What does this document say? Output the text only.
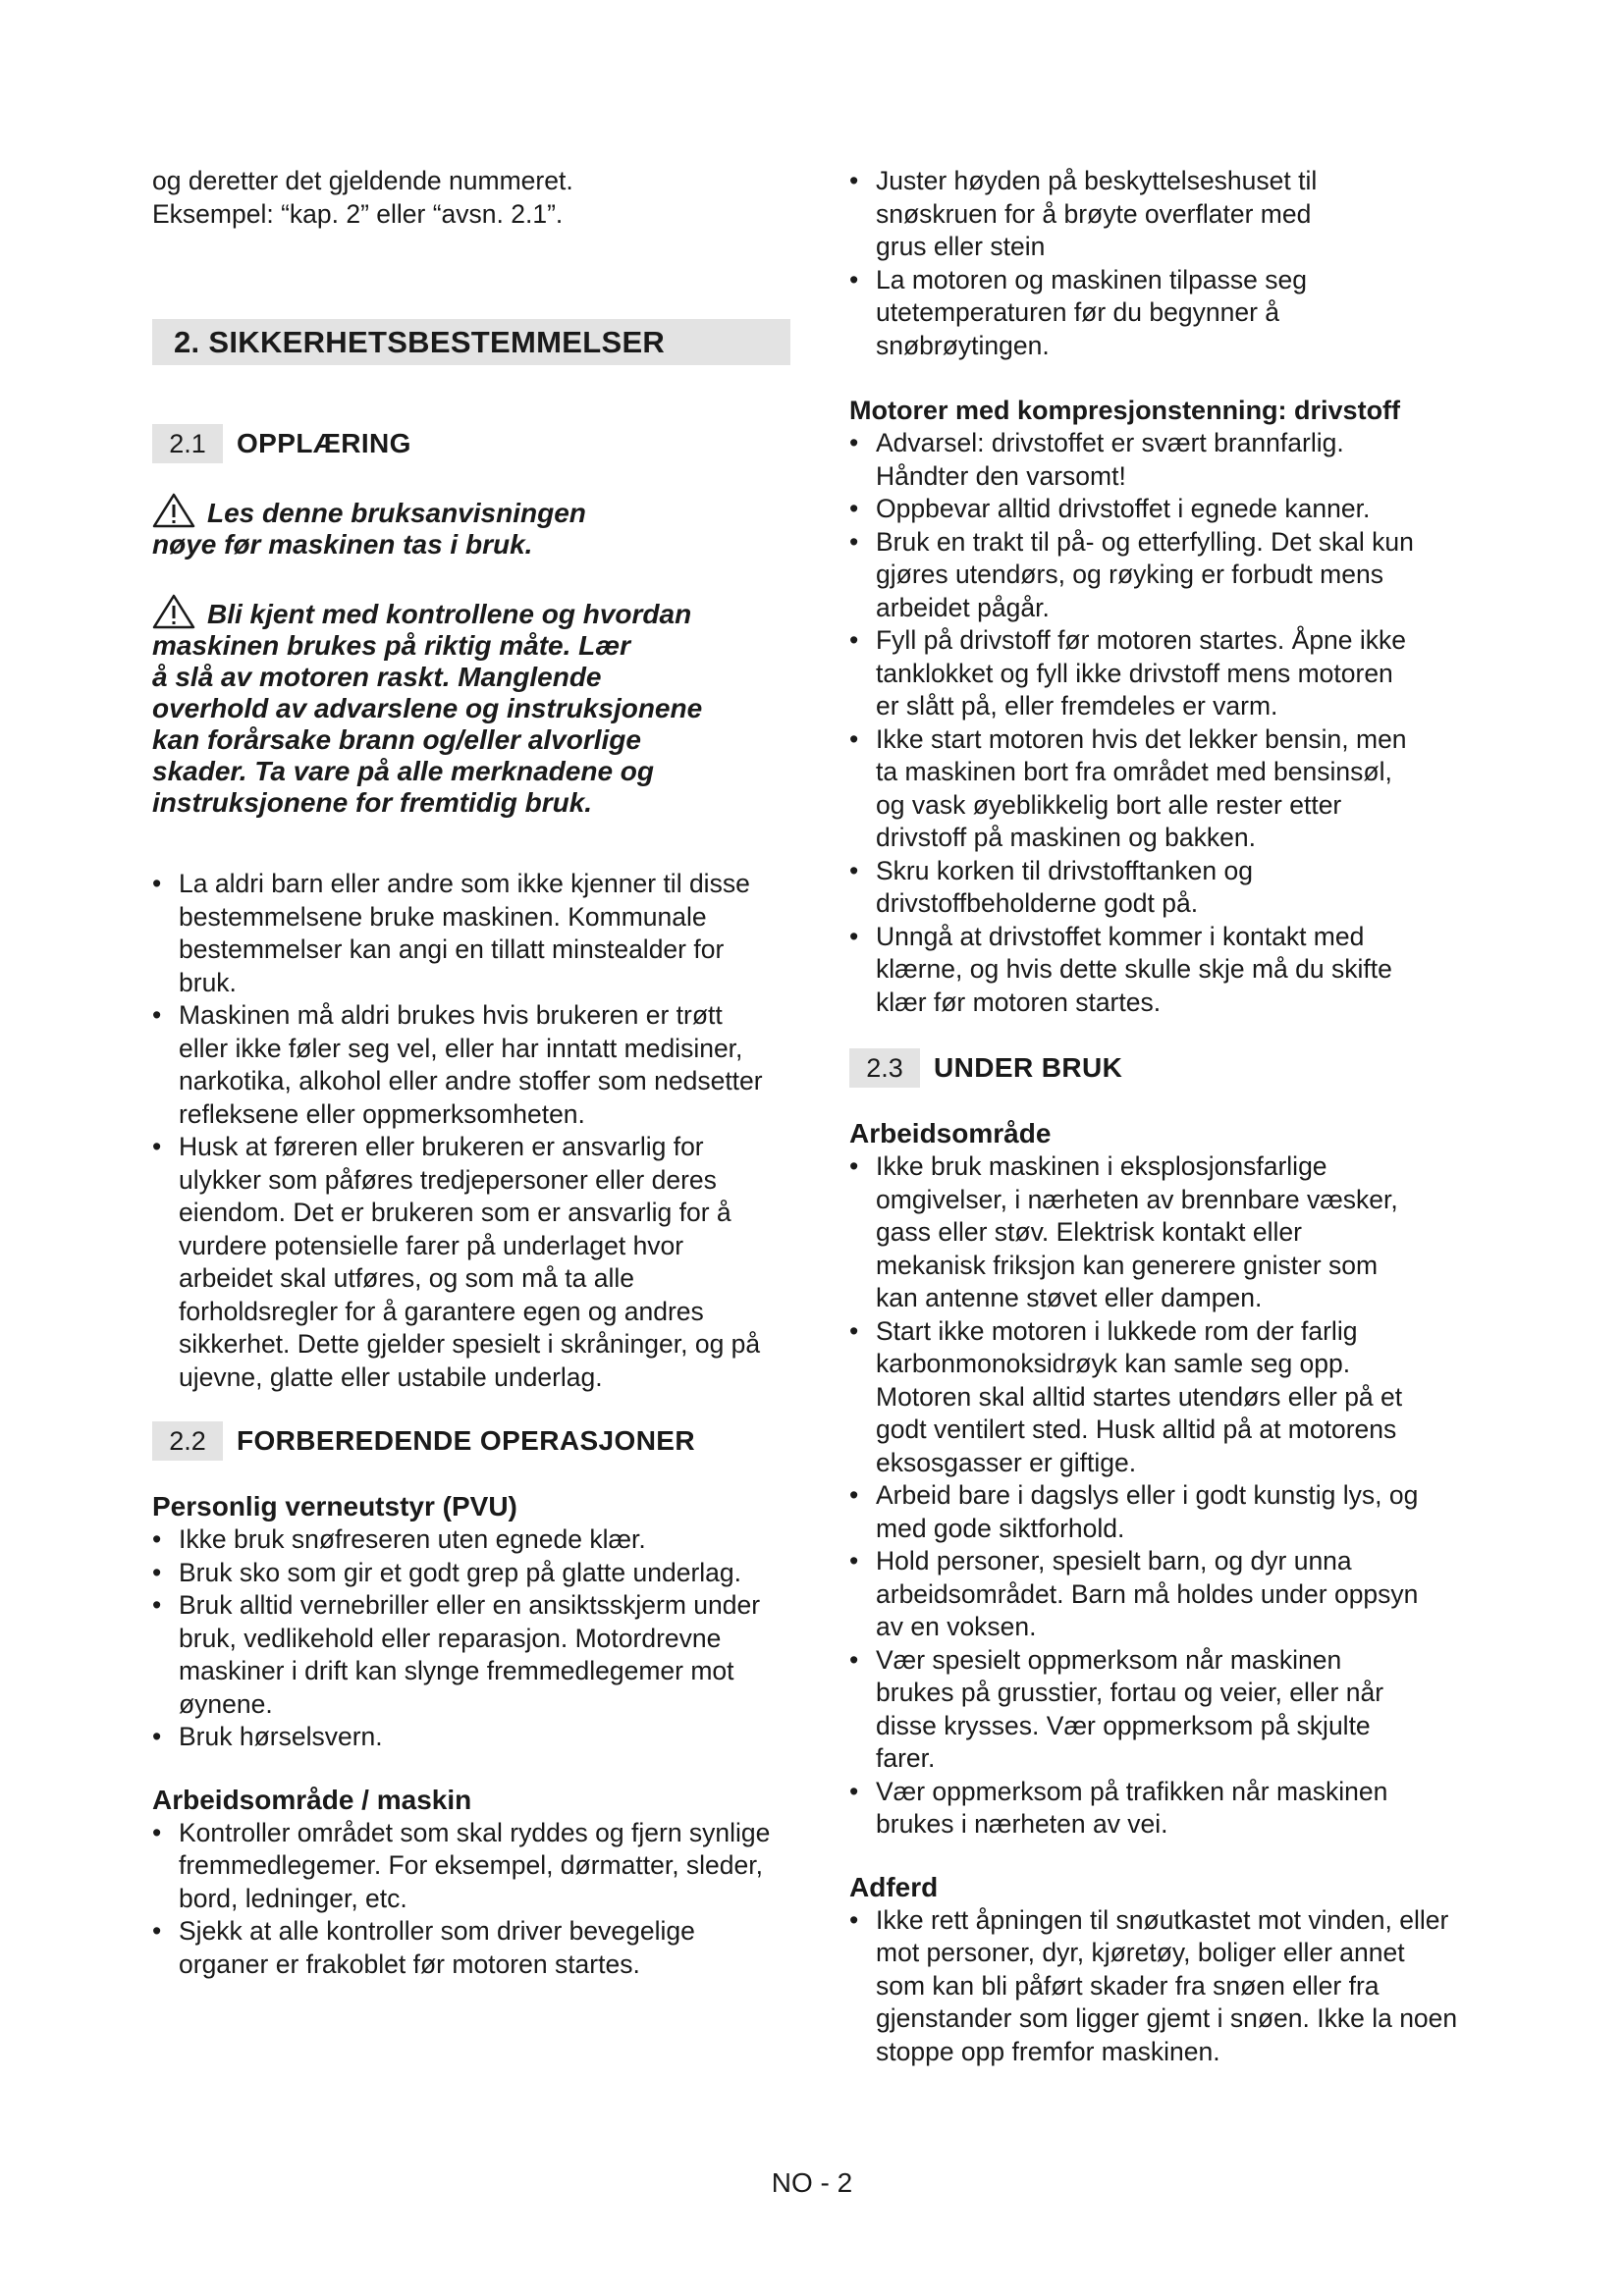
og deretter det gjeldende nummeret.

Eksempel: “kap. 2” eller “avsn. 2.1”.

2. SIKKERHETSBESTEMMELSER
2.1	OPPLÆRING
Les denne bruksanvisningen
nøye før maskinen tas i bruk.
Bli kjent med kontrollene og hvordan
maskinen brukes på riktig måte. Lær
å slå av motoren raskt. Manglende
overhold av advarslene og instruksjonene
kan forårsake brann og/eller alvorlige
skader. Ta vare på alle merknadene og
instruksjonene for fremtidig bruk.
• La aldri barn eller andre som ikke kjenner til disse bestemmelsene bruke maskinen. Kommunale bestemmelser kan angi en tillatt minstealder for bruk.
• Maskinen må aldri brukes hvis brukeren er trøtt eller ikke føler seg vel, eller har inntatt medisiner, narkotika, alkohol eller andre stoffer som nedsetter refleksene eller oppmerksomheten.
• Husk at føreren eller brukeren er ansvarlig for ulykker som påføres tredjepersoner eller deres eiendom. Det er brukeren som er ansvarlig for å vurdere potensielle farer på underlaget hvor arbeidet skal utføres, og som må ta alle forholdsregler for å garantere egen og andres sikkerhet. Dette gjelder spesielt i skråninger, og på ujevne, glatte eller ustabile underlag.
2.2	FORBEREDENDE OPERASJONER
Personlig verneutstyr (PVU)
• Ikke bruk snøfreseren uten egnede klær.
• Bruk sko som gir et godt grep på glatte underlag.
• Bruk alltid vernebriller eller en ansiktsskjerm under bruk, vedlikehold eller reparasjon. Motordrevne maskiner i drift kan slynge fremmedlegemer mot øynene.
• Bruk hørselsvern.
Arbeidsområde / maskin
• Kontroller området som skal ryddes og fjern synlige fremmedlegemer. For eksempel, dørmatter, sleder, bord, ledninger, etc.
• Sjekk at alle kontroller som driver bevegelige organer er frakoblet før motoren startes.
• Juster høyden på beskyttelseshuset til snøskruen for å brøyte overflater med grus eller stein
• La motoren og maskinen tilpasse seg utetemperaturen før du begynner å snøbrøytingen.
Motorer med kompresjonstenning: drivstoff
• Advarsel: drivstoffet er svært brannfarlig. Håndter den varsomt!
• Oppbevar alltid drivstoffet i egnede kanner.
• Bruk en trakt til på- og etterfylling. Det skal kun gjøres utendørs, og røyking er forbudt mens arbeidet pågår.
• Fyll på drivstoff før motoren startes. Åpne ikke tanklokket og fyll ikke drivstoff mens motoren er slått på, eller fremdeles er varm.
• Ikke start motoren hvis det lekker bensin, men ta maskinen bort fra området med bensinsøl, og vask øyeblikkelig bort alle rester etter drivstoff på maskinen og bakken.
• Skru korken til drivstofftanken og drivstoffbeholderne godt på.
• Unngå at drivstoffet kommer i kontakt med klærne, og hvis dette skulle skje må du skifte klær før motoren startes.
2.3	UNDER BRUK
Arbeidsområde
• Ikke bruk maskinen i eksplosjonsfarlige omgivelser, i nærheten av brennbare væsker, gass eller støv. Elektrisk kontakt eller mekanisk friksjon kan generere gnister som kan antenne støvet eller dampen.
• Start ikke motoren i lukkede rom der farlig karbonmonoksidrøyk kan samle seg opp. Motoren skal alltid startes utendørs eller på et godt ventilert sted. Husk alltid på at motorens eksosgasser er giftige.
• Arbeid bare i dagslys eller i godt kunstig lys, og med gode siktforhold.
• Hold personer, spesielt barn, og dyr unna arbeidsområdet. Barn må holdes under oppsyn av en voksen.
• Vær spesielt oppmerksom når maskinen brukes på grusstier, fortau og veier, eller når disse krysses. Vær oppmerksom på skjulte farer.
• Vær oppmerksom på trafikken når maskinen brukes i nærheten av vei.
Adferd
• Ikke rett åpningen til snøutkastet mot vinden, eller mot personer, dyr, kjøretøy, boliger eller annet som kan bli påført skader fra snøen eller fra gjenstander som ligger gjemt i snøen. Ikke la noen stoppe opp fremfor maskinen.
NO - 2
